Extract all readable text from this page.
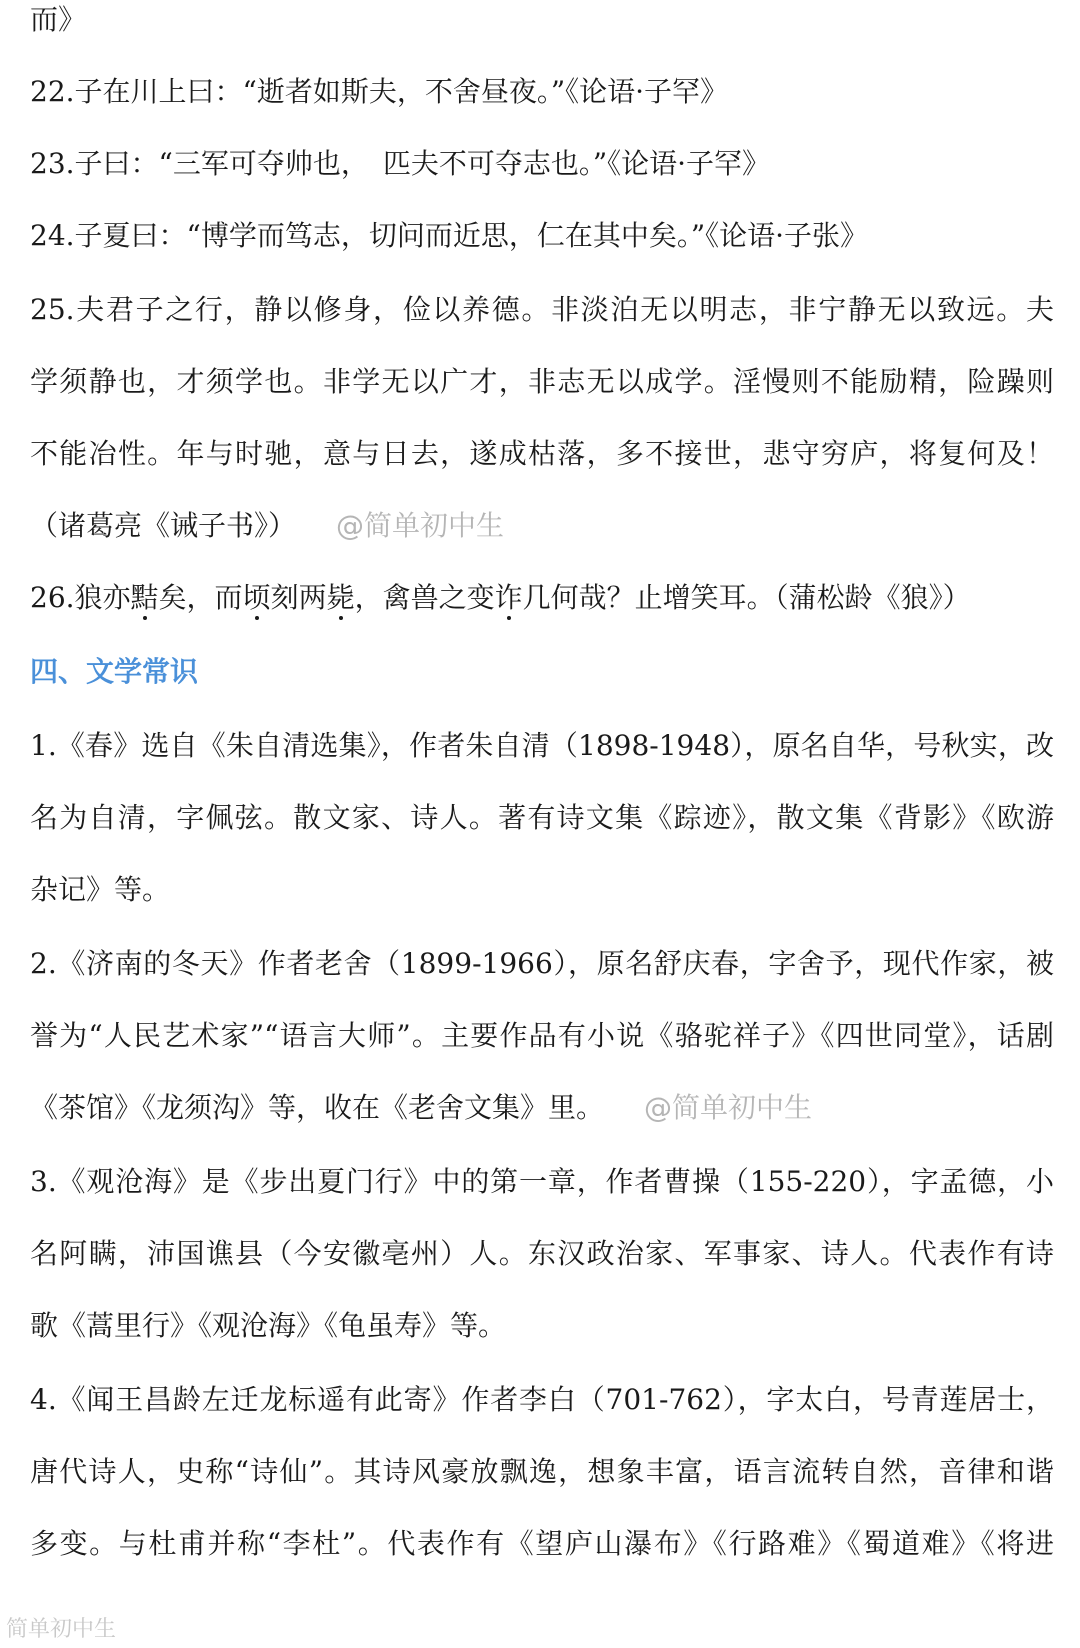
而》
22.子在川上曰：“逝者如斯夫，不舍昼夜。”《论语·子罕》
23.子曰：“三军可夺帅也，　匹夫不可夺志也。”《论语·子罕》
24.子夏曰：“博学而笃志，切问而近思，仁在其中矣。”《论语·子张》
25.夫君子之行，静以修身，俭以养德。非淡泊无以明志，非宁静无以致远。夫
学须静也，才须学也。非学无以广才，非志无以成学。淫慢则不能励精，险躁则
不能冶性。年与时驰，意与日去，遂成枯落，多不接世，悲守穷庐，将复何及！
（诸葛亮《诫子书》） @简单初中生
26.狼亦黠矣，而顷刻两毙，禽兽之变诈几何哉？止增笑耳。（蒲松龄《狼》）
四、文学常识
1.《春》选自《朱自清选集》，作者朱自清（1898-1948），原名自华，号秋实，改
名为自清，字佩弦。散文家、诗人。著有诗文集《踪迹》，散文集《背影》《欧游
杂记》等。
2.《济南的冬天》作者老舍（1899-1966），原名舒庆春，字舍予，现代作家，被
誉为“人民艺术家”“语言大师”。主要作品有小说《骆驼祥子》《四世同堂》，话剧
《茶馆》《龙须沟》等，收在《老舍文集》里。 @简单初中生
3.《观沧海》是《步出夏门行》中的第一章，作者曹操（155-220），字孟德，小
名阿瞒，沛国谯县（今安徽亳州）人。东汉政治家、军事家、诗人。代表作有诗
歌《蒿里行》《观沧海》《龟虽寿》等。
4.《闻王昌龄左迁龙标遥有此寄》作者李白（701-762），字太白，号青莲居士，
唐代诗人，史称“诗仙”。其诗风豪放飘逸，想象丰富，语言流转自然，音律和谐
多变。与杜甫并称“李杜”。代表作有《望庐山瀑布》《行路难》《蜀道难》《将进
简单初中生
